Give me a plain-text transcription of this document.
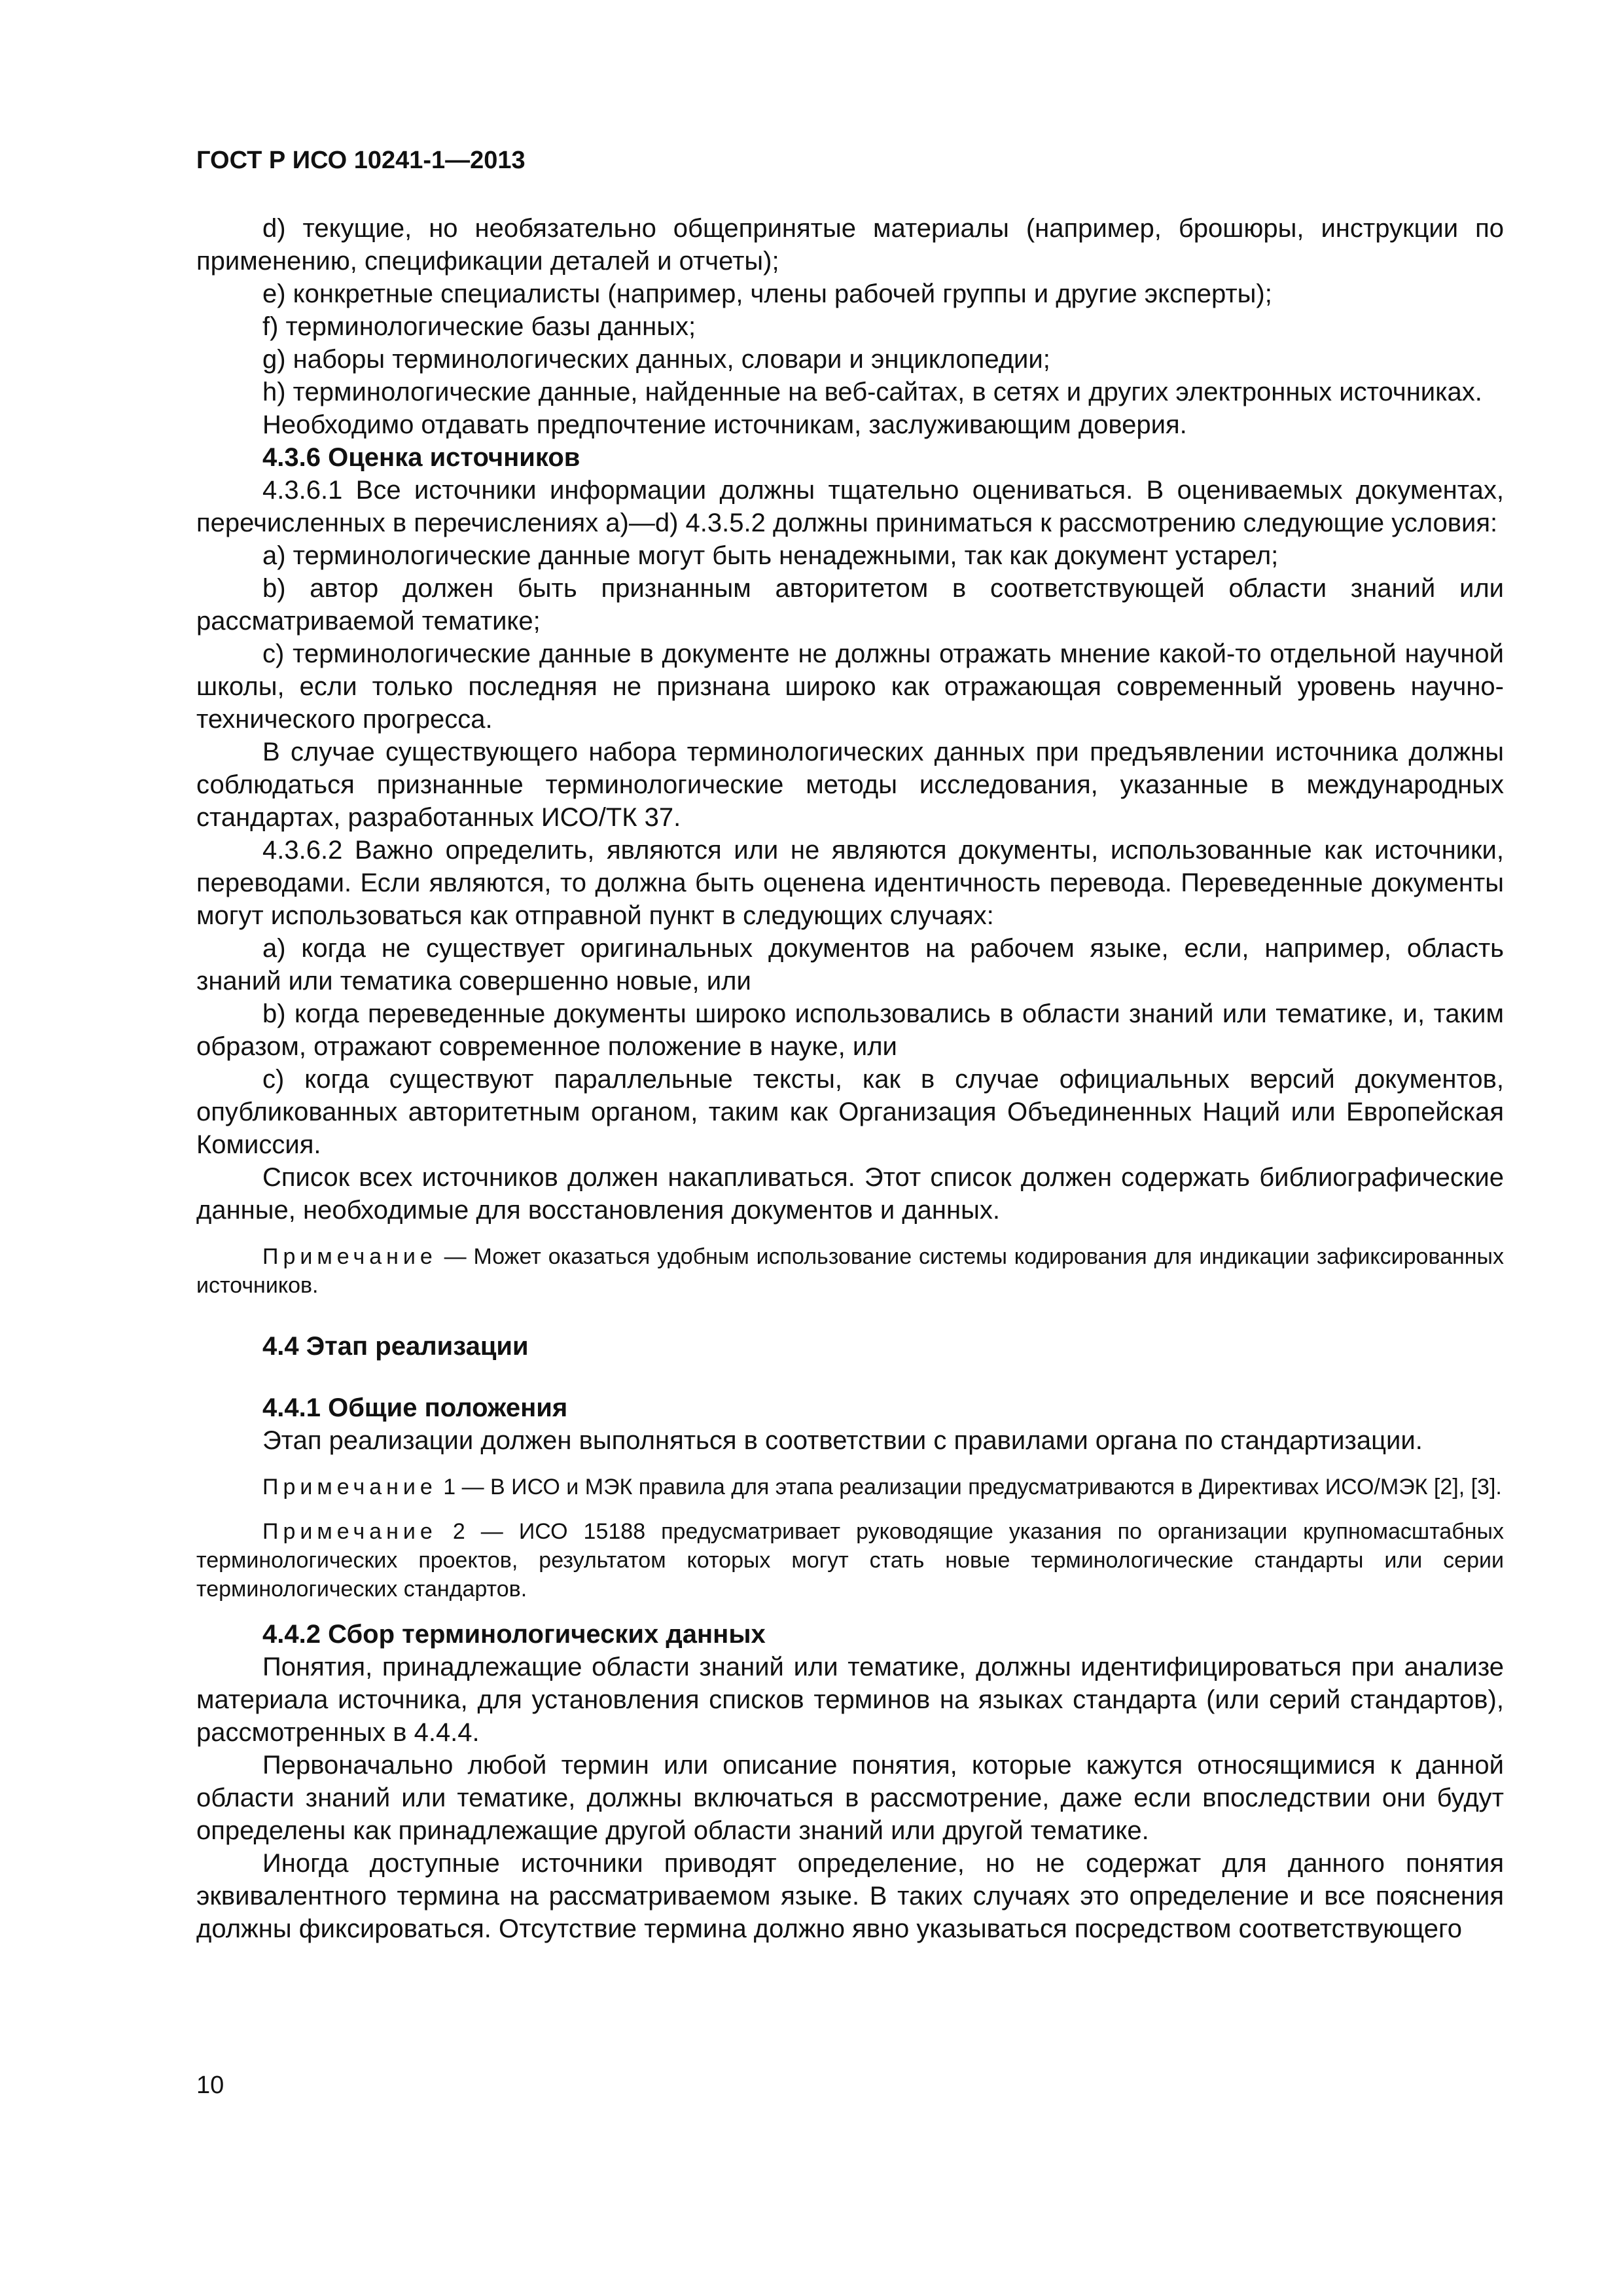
ГОСТ Р ИСО 10241-1—2013

d) текущие, но необязательно общепринятые материалы (например, брошюры, инструкции по применению, спецификации деталей и отчеты);

e) конкретные специалисты (например, члены рабочей группы и другие эксперты);

f) терминологические базы данных;

g) наборы терминологических данных, словари и энциклопедии;

h) терминологические данные, найденные на веб-сайтах, в сетях и других электронных источниках.

Необходимо отдавать предпочтение источникам, заслуживающим доверия.

4.3.6 Оценка источников

4.3.6.1 Все источники информации должны тщательно оцениваться. В оцениваемых документах, перечисленных в перечислениях а)—d) 4.3.5.2 должны приниматься к рассмотрению следующие условия:

a) терминологические данные могут быть ненадежными, так как документ устарел;

b) автор должен быть признанным авторитетом в соответствующей области знаний или рассматриваемой тематике;

c) терминологические данные в документе не должны отражать мнение какой-то отдельной научной школы, если только последняя не признана широко как отражающая современный уровень научно-технического прогресса.

В случае существующего набора терминологических данных при предъявлении источника должны соблюдаться признанные терминологические методы исследования, указанные в международных стандартах, разработанных ИСО/ТК 37.

4.3.6.2 Важно определить, являются или не являются документы, использованные как источники, переводами. Если являются, то должна быть оценена идентичность перевода. Переведенные документы могут использоваться как отправной пункт в следующих случаях:

a) когда не существует оригинальных документов на рабочем языке, если, например, область знаний или тематика совершенно новые, или

b) когда переведенные документы широко использовались в области знаний или тематике, и, таким образом, отражают современное положение в науке, или

c) когда существуют параллельные тексты, как в случае официальных версий документов, опубликованных авторитетным органом, таким как Организация Объединенных Наций или Европейская Комиссия.

Список всех источников должен накапливаться. Этот список должен содержать библиографические данные, необходимые для восстановления документов и данных.

Примечание — Может оказаться удобным использование системы кодирования для индикации зафиксированных источников.

4.4 Этап реализации

4.4.1 Общие положения

Этап реализации должен выполняться в соответствии с правилами органа по стандартизации.

Примечание 1 — В ИСО и МЭК правила для этапа реализации предусматриваются в Директивах ИСО/МЭК [2], [3].

Примечание 2 — ИСО 15188 предусматривает руководящие указания по организации крупномасштабных терминологических проектов, результатом которых могут стать новые терминологические стандарты или серии терминологических стандартов.

4.4.2 Сбор терминологических данных

Понятия, принадлежащие области знаний или тематике, должны идентифицироваться при анализе материала источника, для установления списков терминов на языках стандарта (или серий стандартов), рассмотренных в 4.4.4.

Первоначально любой термин или описание понятия, которые кажутся относящимися к данной области знаний или тематике, должны включаться в рассмотрение, даже если впоследствии они будут определены как принадлежащие другой области знаний или другой тематике.

Иногда доступные источники приводят определение, но не содержат для данного понятия эквивалентного термина на рассматриваемом языке. В таких случаях это определение и все пояснения должны фиксироваться. Отсутствие термина должно явно указываться посредством соответствующего

10
